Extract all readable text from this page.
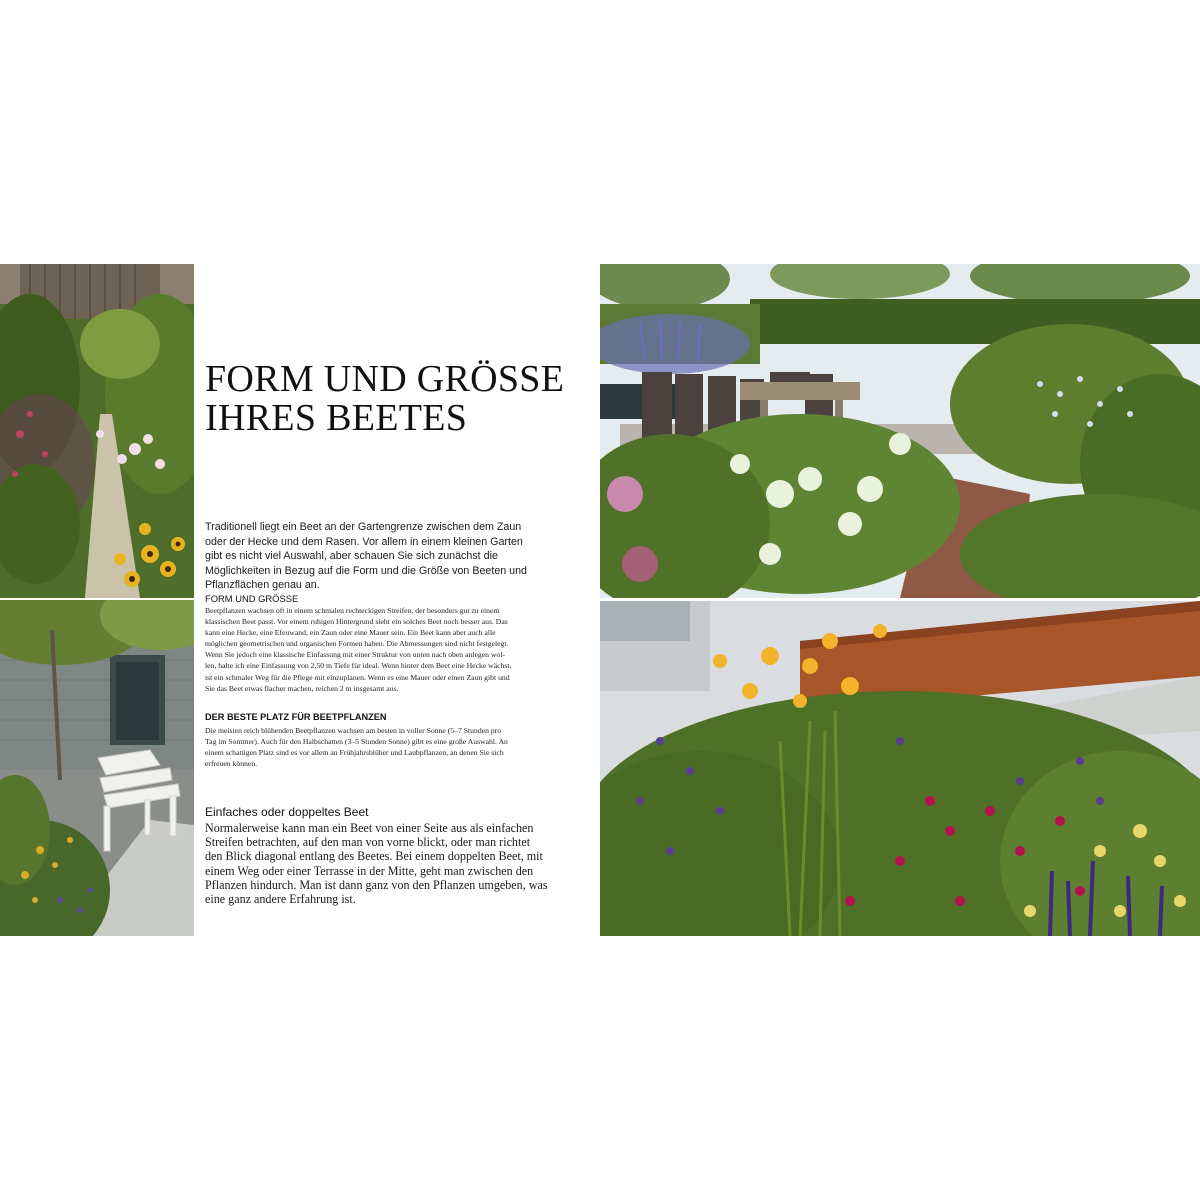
FORM UND GRÖSSE
IHRES BEETES

Traditionell liegt ein Beet an der Gartengrenze zwischen dem Zaun
oder der Hecke und dem Rasen. Vor allem in einem kleinen Garten
gibt es nicht viel Auswahl, aber schauen Sie sich zunächst die
Möglichkeiten in Bezug auf die Form und die Größe von Beeten und
Pflanzflächen genau an.

FORM UND GRÖSSE

Beetpflanzen wachsen oft in einem schmalen rechteckigen Streifen, der besonders gut zu einem
klassischen Beet passt. Vor einem ruhigen Hintergrund sieht ein solches Beet noch besser aus. Das
kann eine Hecke, eine Efeuwand, ein Zaun oder eine Mauer sein. Ein Beet kann aber auch alle
möglichen geometrischen und organischen Formen haben. Die Abmessungen sind nicht festgelegt.
Wenn Sie jedoch eine klassische Einfassung mit einer Struktur von unten nach oben anlegen wol-
len, halte ich eine Einfassung von 2,50 m Tiefe für ideal. Wenn hinter dem Beet eine Hecke wächst,
ist ein schmaler Weg für die Pflege mit einzuplanen. Wenn es eine Mauer oder einen Zaun gibt und
Sie das Beet etwas flacher machen, reichen 2 m insgesamt aus.

DER BESTE PLATZ FÜR BEETPFLANZEN

Die meisten reich blühenden Beetpflanzen wachsen am besten in voller Sonne (5–7 Stunden pro
Tag im Sommer). Auch für den Halbschatten (3–5 Stunden Sonne) gibt es eine große Auswahl. An
einem schattigen Platz sind es vor allem an Frühjahrsblüher und Laubpflanzen, an denen Sie sich
erfreuen können.

Einfaches oder doppeltes Beet

Normalerweise kann man ein Beet von einer Seite aus als einfachen
Streifen betrachten, auf den man von vorne blickt, oder man richtet
den Blick diagonal entlang des Beetes. Bei einem doppelten Beet, mit
einem Weg oder einer Terrasse in der Mitte, geht man zwischen den
Pflanzen hindurch. Man ist dann ganz von den Pflanzen umgeben, was
eine ganz andere Erfahrung ist.
